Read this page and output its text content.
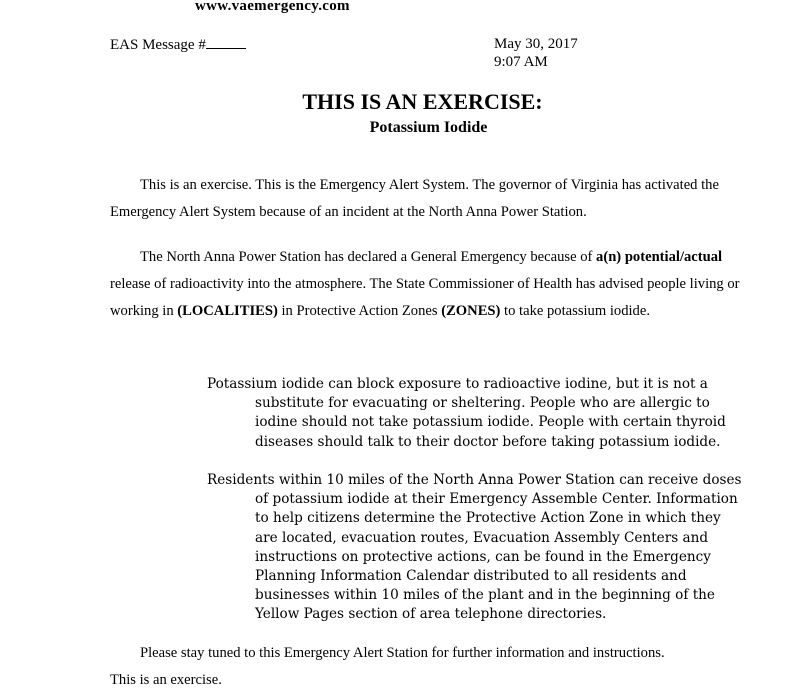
www.vaemergency.com
EAS Message #	May 30, 2017
9:07 AM
THIS IS AN EXERCISE:
Potassium Iodide
This is an exercise. This is the Emergency Alert System. The governor of Virginia has activated the Emergency Alert System because of an incident at the North Anna Power Station.
The North Anna Power Station has declared a General Emergency because of a(n) potential/actual release of radioactivity into the atmosphere. The State Commissioner of Health has advised people living or working in (LOCALITIES) in Protective Action Zones (ZONES) to take potassium iodide.
Potassium iodide can block exposure to radioactive iodine, but it is not a substitute for evacuating or sheltering. People who are allergic to iodine should not take potassium iodide. People with certain thyroid diseases should talk to their doctor before taking potassium iodide.
Residents within 10 miles of the North Anna Power Station can receive doses of potassium iodide at their Emergency Assemble Center. Information to help citizens determine the Protective Action Zone in which they are located, evacuation routes, Evacuation Assembly Centers and instructions on protective actions, can be found in the Emergency Planning Information Calendar distributed to all residents and businesses within 10 miles of the plant and in the beginning of the Yellow Pages section of area telephone directories.
Please stay tuned to this Emergency Alert Station for further information and instructions.
This is an exercise.
